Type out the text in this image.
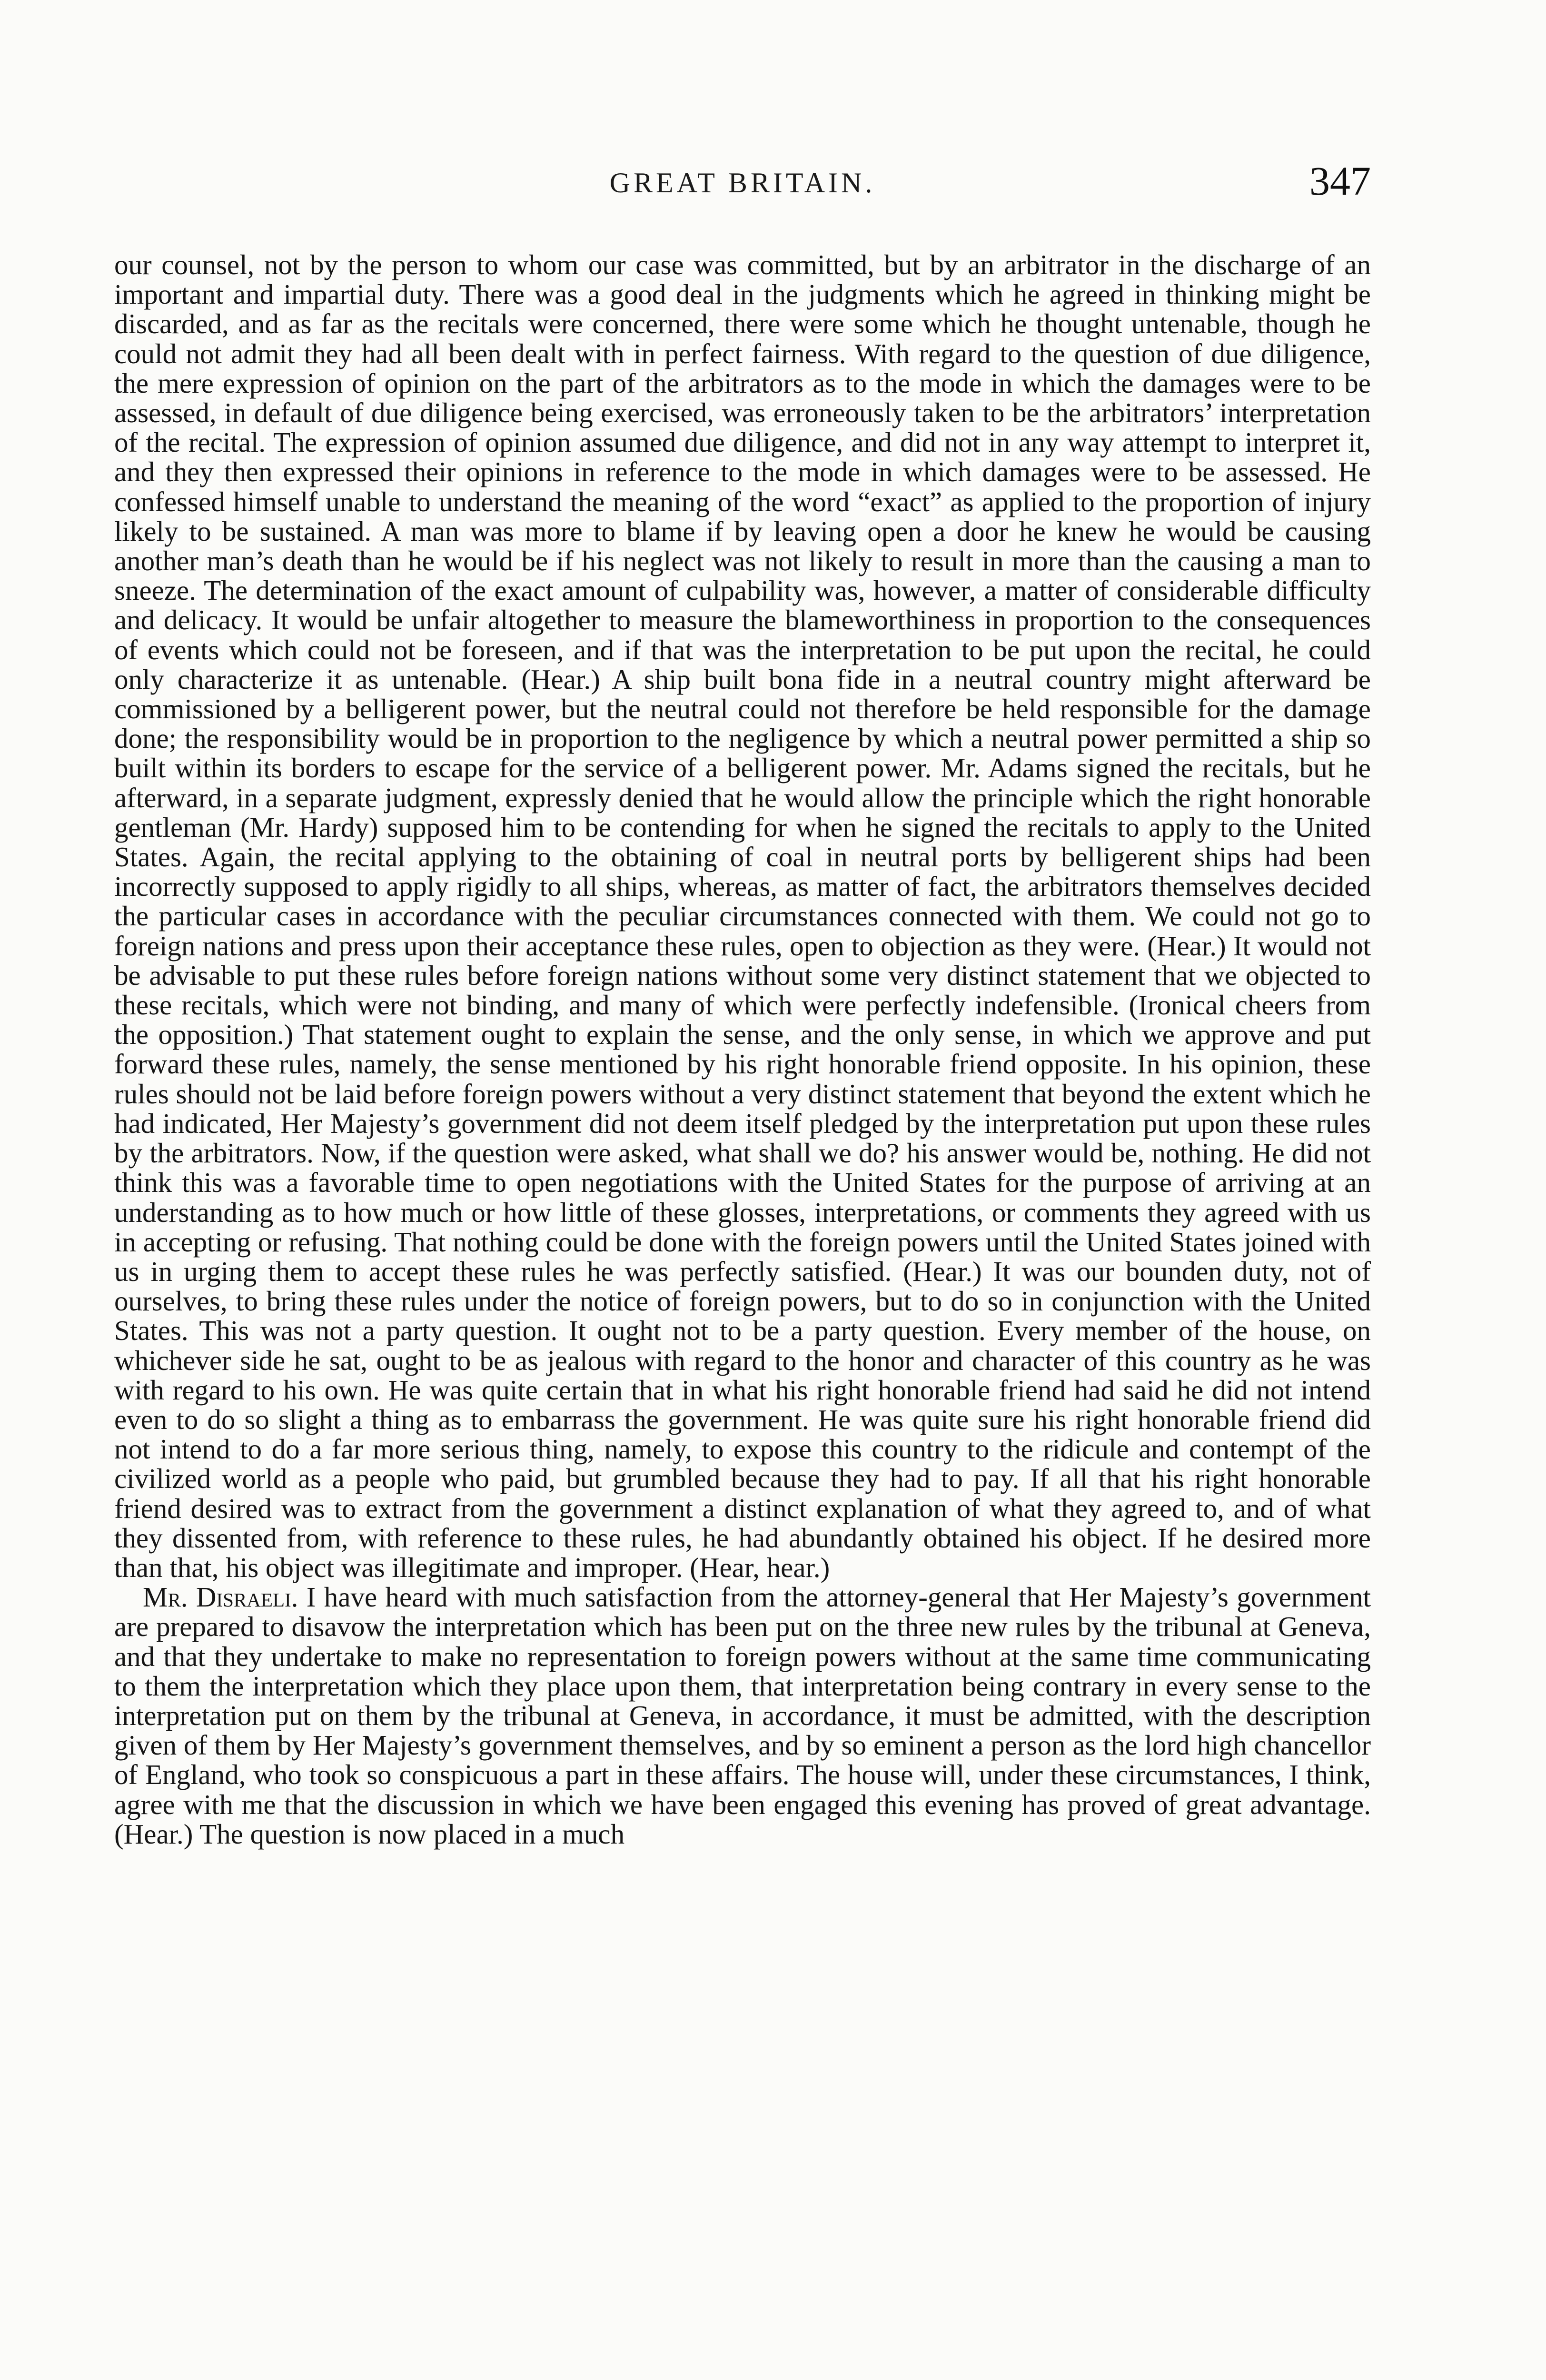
GREAT BRITAIN.	347

our counsel, not by the person to whom our case was committed, but by an arbitrator in the discharge of an important and impartial duty. There was a good deal in the judgments which he agreed in thinking might be discarded, and as far as the recitals were concerned, there were some which he thought untenable, though he could not admit they had all been dealt with in perfect fairness. With regard to the question of due diligence, the mere expression of opinion on the part of the arbitrators as to the mode in which the damages were to be assessed, in default of due diligence being exercised, was erroneously taken to be the arbitrators’ interpretation of the recital. The expression of opinion assumed due diligence, and did not in any way attempt to interpret it, and they then expressed their opinions in reference to the mode in which damages were to be assessed. He confessed himself unable to understand the meaning of the word “exact” as applied to the proportion of injury likely to be sustained. A man was more to blame if by leaving open a door he knew he would be causing another man’s death than he would be if his neglect was not likely to result in more than the causing a man to sneeze. The determination of the exact amount of culpability was, however, a matter of considerable difficulty and delicacy. It would be unfair altogether to measure the blameworthiness in proportion to the consequences of events which could not be foreseen, and if that was the interpretation to be put upon the recital, he could only characterize it as untenable. (Hear.) A ship built bona fide in a neutral country might afterward be commissioned by a belligerent power, but the neutral could not therefore be held responsible for the damage done; the responsibility would be in proportion to the negligence by which a neutral power permitted a ship so built within its borders to escape for the service of a belligerent power. Mr. Adams signed the recitals, but he afterward, in a separate judgment, expressly denied that he would allow the principle which the right honorable gentleman (Mr. Hardy) supposed him to be contending for when he signed the recitals to apply to the United States. Again, the recital applying to the obtaining of coal in neutral ports by belligerent ships had been incorrectly supposed to apply rigidly to all ships, whereas, as matter of fact, the arbitrators themselves decided the particular cases in accordance with the peculiar circumstances connected with them. We could not go to foreign nations and press upon their acceptance these rules, open to objection as they were. (Hear.) It would not be advisable to put these rules before foreign nations without some very distinct statement that we objected to these recitals, which were not binding, and many of which were perfectly indefensible. (Ironical cheers from the opposition.) That statement ought to explain the sense, and the only sense, in which we approve and put forward these rules, namely, the sense mentioned by his right honorable friend opposite. In his opinion, these rules should not be laid before foreign powers without a very distinct statement that beyond the extent which he had indicated, Her Majesty’s government did not deem itself pledged by the interpretation put upon these rules by the arbitrators. Now, if the question were asked, what shall we do? his answer would be, nothing. He did not think this was a favorable time to open negotiations with the United States for the purpose of arriving at an understanding as to how much or how little of these glosses, interpretations, or comments they agreed with us in accepting or refusing. That nothing could be done with the foreign powers until the United States joined with us in urging them to accept these rules he was perfectly satisfied. (Hear.) It was our bounden duty, not of ourselves, to bring these rules under the notice of foreign powers, but to do so in conjunction with the United States. This was not a party question. It ought not to be a party question. Every member of the house, on whichever side he sat, ought to be as jealous with regard to the honor and character of this country as he was with regard to his own. He was quite certain that in what his right honorable friend had said he did not intend even to do so slight a thing as to embarrass the government. He was quite sure his right honorable friend did not intend to do a far more serious thing, namely, to expose this country to the ridicule and contempt of the civilized world as a people who paid, but grumbled because they had to pay. If all that his right honorable friend desired was to extract from the government a distinct explanation of what they agreed to, and of what they dissented from, with reference to these rules, he had abundantly obtained his object. If he desired more than that, his object was illegitimate and improper. (Hear, hear.)

Mr. Disraeli. I have heard with much satisfaction from the attorney-general that Her Majesty’s government are prepared to disavow the interpretation which has been put on the three new rules by the tribunal at Geneva, and that they undertake to make no representation to foreign powers without at the same time communicating to them the interpretation which they place upon them, that interpretation being contrary in every sense to the interpretation put on them by the tribunal at Geneva, in accordance, it must be admitted, with the description given of them by Her Majesty’s government themselves, and by so eminent a person as the lord high chancellor of England, who took so conspicuous a part in these affairs. The house will, under these circumstances, I think, agree with me that the discussion in which we have been engaged this evening has proved of great advantage. (Hear.) The question is now placed in a much
